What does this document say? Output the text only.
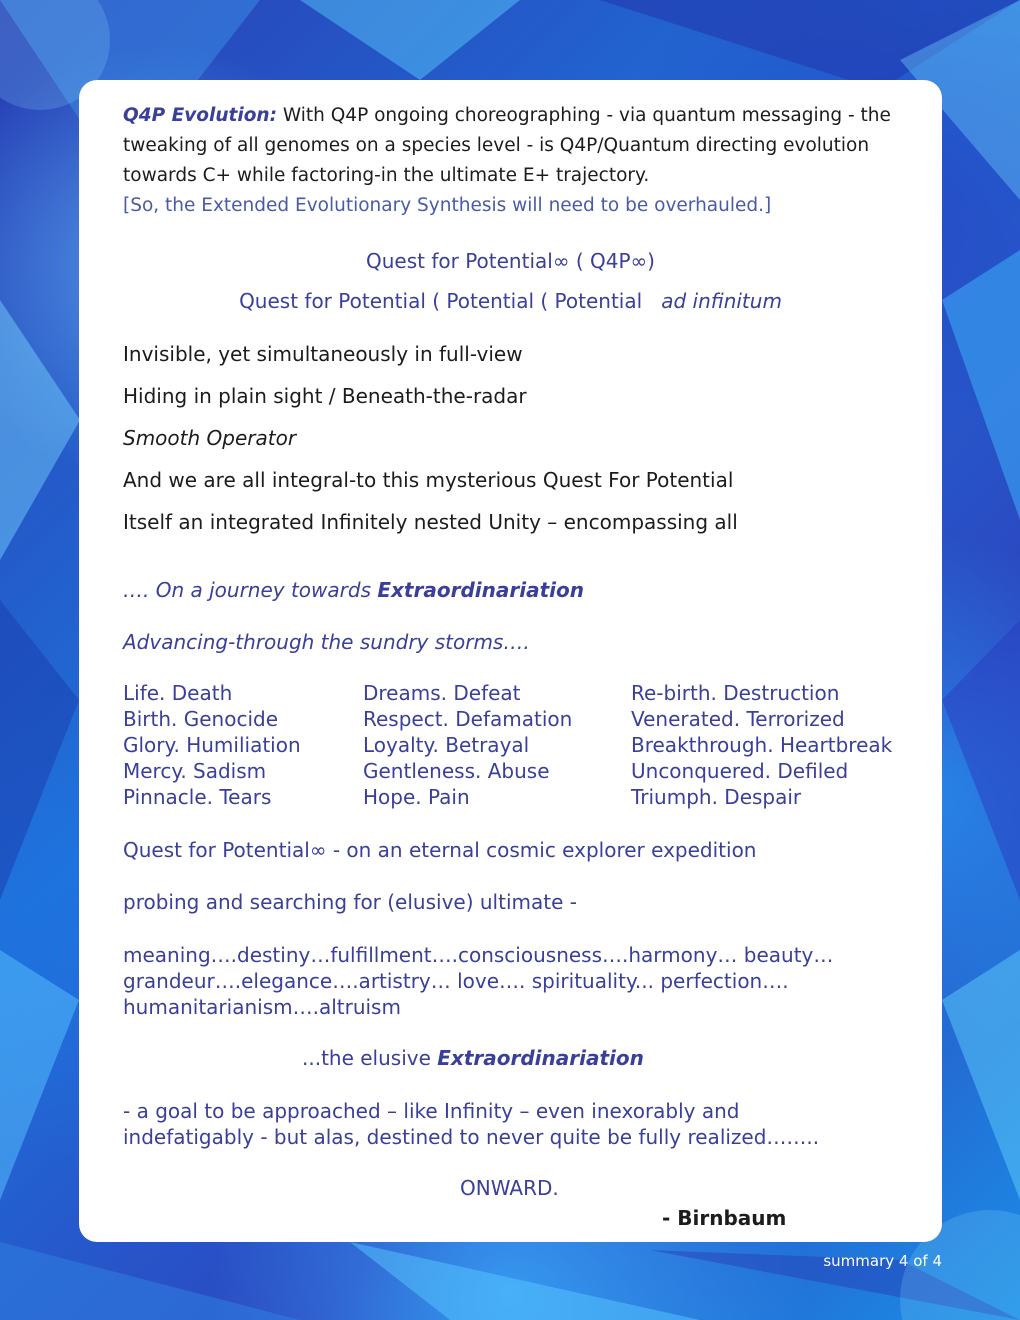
Q4P Evolution: With Q4P ongoing choreographing - via quantum messaging - the tweaking of all genomes on a species level - is Q4P/Quantum directing evolution towards C+ while factoring-in the ultimate E+ trajectory.
[So, the Extended Evolutionary Synthesis will need to be overhauled.]
Quest for Potential∞ ( Q4P∞)
Quest for Potential ( Potential ( Potential ad infinitum

Invisible, yet simultaneously in full-view

Hiding in plain sight / Beneath-the-radar

Smooth Operator

And we are all integral-to this mysterious Quest For Potential

Itself an integrated Infinitely nested Unity – encompassing all

…. On a journey towards Extraordinariation

Advancing-through the sundry storms….

Life. Death
Birth. Genocide
Glory. Humiliation
Mercy. Sadism
Pinnacle. Tears
Dreams. Defeat
Respect. Defamation
Loyalty. Betrayal
Gentleness. Abuse
Hope. Pain
Re-birth. Destruction
Venerated. Terrorized
Breakthrough. Heartbreak
Unconquered. Defiled
Triumph. Despair

Quest for Potential∞ - on an eternal cosmic explorer expedition

probing and searching for (elusive) ultimate -

meaning….destiny…fulfillment….consciousness….harmony… beauty…
grandeur….elegance….artistry… love…. spirituality... perfection….
humanitarianism….altruism

...the elusive Extraordinariation

- a goal to be approached – like Infinity – even inexorably and
indefatigably - but alas, destined to never quite be fully realized……..

ONWARD.

- Birnbaum

summary 4 of 4
